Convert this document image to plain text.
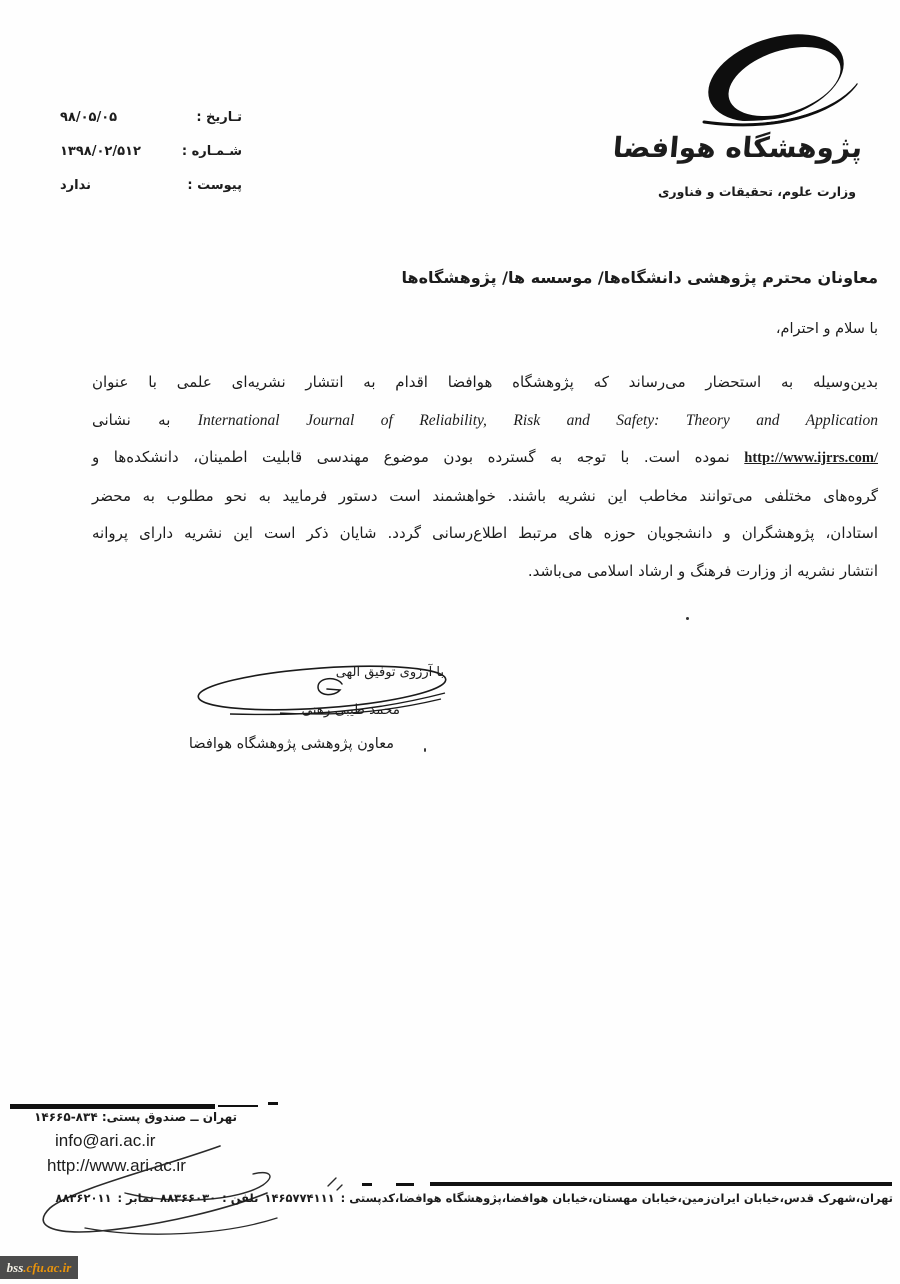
تـاریخ :
۹۸/۰۵/۰۵
شـمـاره :
۱۳۹۸/۰۲/۵۱۲
پیوست :
ندارد
پژوهشگاه هوافضا
وزارت علوم، تحقیقات و فناوری
معاونان محترم پژوهشی دانشگاه‌ها/ موسسه ها/ پژوهشگاه‌ها
با سلام و احترام،
بدین‌وسیله به استحضار می‌رساند که پژوهشگاه هوافضا اقدام به انتشار نشریه‌ای علمی با عنوان
International Journal of Reliability, Risk and Safety: Theory and Application به نشانی
http://www.ijrrs.com/ نموده است. با توجه به گسترده بودن موضوع مهندسی قابلیت اطمینان، دانشکده‌ها و
گروه‌های مختلفی می‌توانند مخاطب این نشریه باشند. خواهشمند است دستور فرمایید به نحو مطلوب به محضر
استادان، پژوهشگران و دانشجویان حوزه های مرتبط اطلاع‌رسانی گردد. شایان ذکر است این نشریه دارای پروانه
انتشار نشریه از وزارت فرهنگ و ارشاد اسلامی می‌باشد.
با آرزوی توفیق الهی
محمد طیبی رهنی
معاون پژوهشی پژوهشگاه هوافضا
تهران ــ صندوق پستی: ۱۴۶۶۵-۸۳۴
info@ari.ac.ir
http://www.ari.ac.ir
تهران،شهرک قدس،خیابان ایران‌زمین،خیابان مهستان،خیابان هوافضا،پژوهشگاه هوافضا،کدپستی : ۱۴۶۵۷۷۴۱۱۱ تلفن : ۸۸۳۶۶۰۳۰ نمابر : ۸۸۳۶۲۰۱۱
bss .cfu.ac.ir
